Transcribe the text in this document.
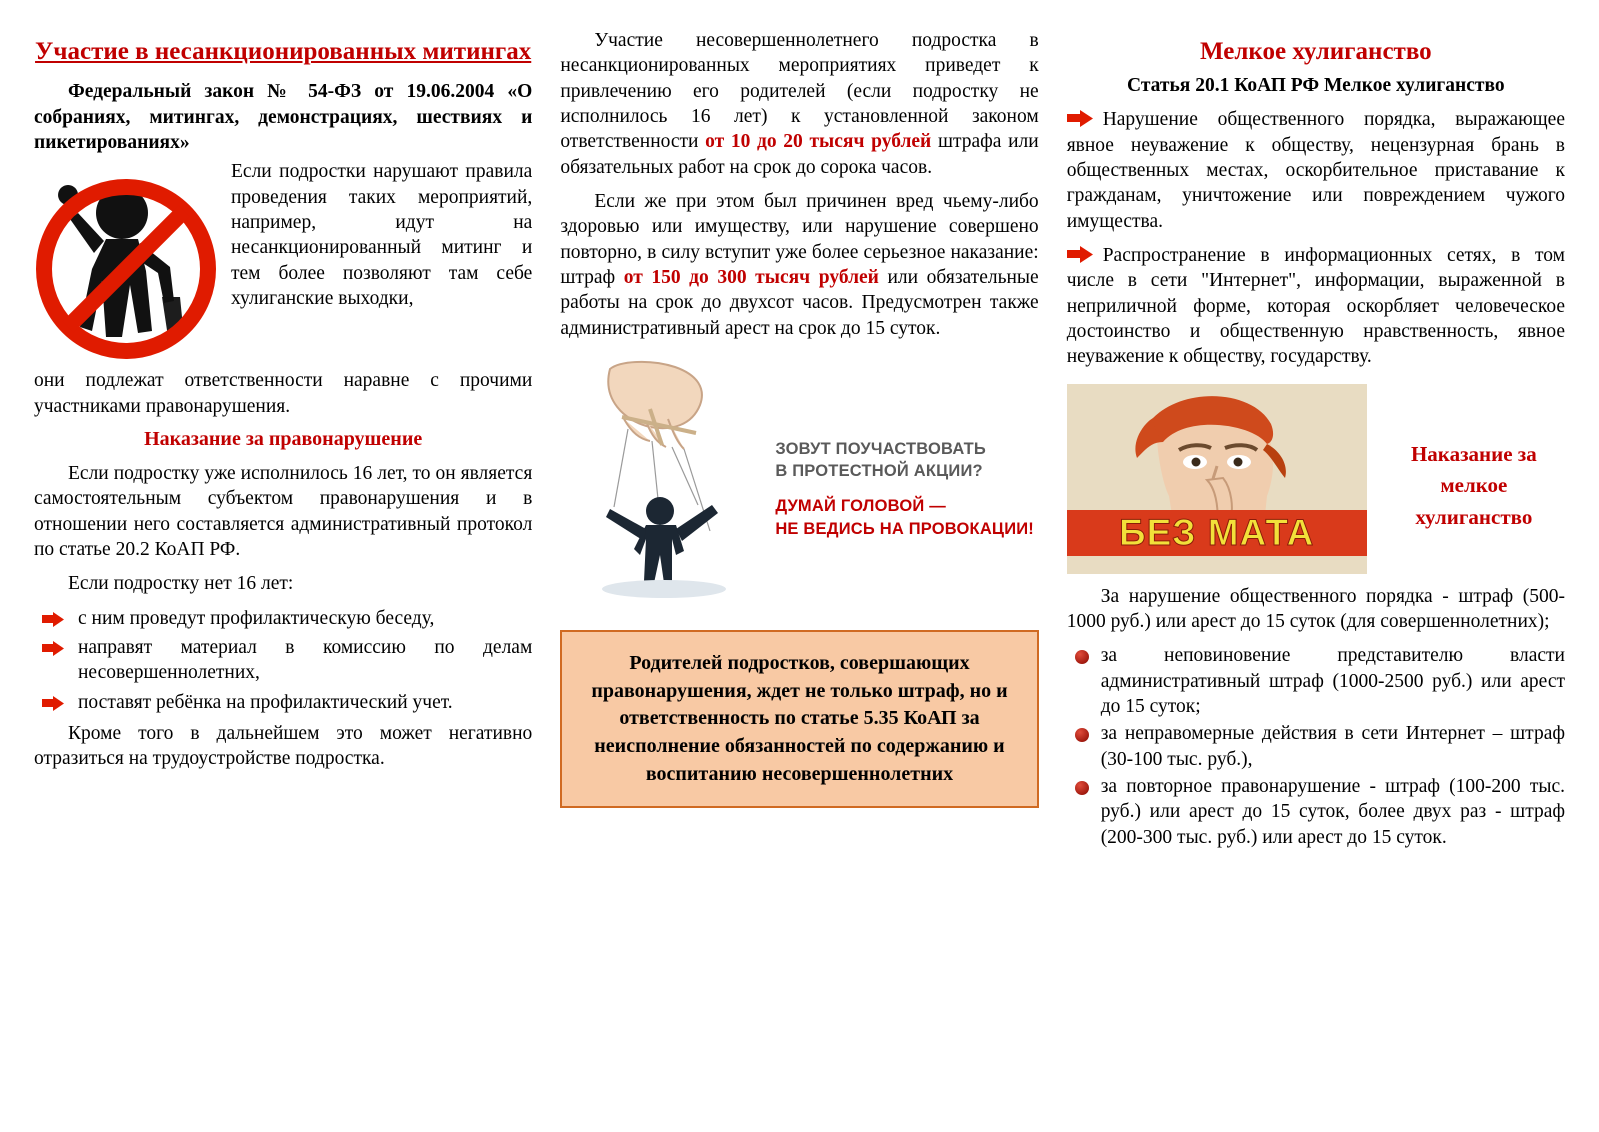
Участие в несанкционированных митингах

Федеральный закон № 54-ФЗ от 19.06.2004 «О собраниях, митингах, демонстрациях, шествиях и пикетированиях»

Если подростки нарушают правила проведения таких мероприятий, например, идут на несанкционированный митинг и тем более позволяют там себе хулиганские выходки,

они подлежат ответственности наравне с прочими участниками правонарушения.

Наказание за правонарушение

Если подростку уже исполнилось 16 лет, то он является самостоятельным субъектом правонарушения и в отношении него составляется административный протокол по статье 20.2 КоАП РФ.

Если подростку нет 16 лет:

с ним проведут профилактическую беседу,
направят материал в комиссию по делам несовершеннолетних,
поставят ребёнка на профилактический учет.

Кроме того в дальнейшем это может негативно отразиться на трудоустройстве подростка.

Участие несовершеннолетнего подростка в несанкционированных мероприятиях приведет к привлечению его родителей (если подростку не исполнилось 16 лет) к установленной законом ответственности от 10 до 20 тысяч рублей штрафа или обязательных работ на срок до сорока часов.

Если же при этом был причинен вред чьему-либо здоровью или имуществу, или нарушение совершено повторно, в силу вступит уже более серьезное наказание: штраф от 150 до 300 тысяч рублей или обязательные работы на срок до двухсот часов. Предусмотрен также административный арест на срок до 15 суток.

ЗОВУТ ПОУЧАСТВОВАТЬ
В ПРОТЕСТНОЙ АКЦИИ?
ДУМАЙ ГОЛОВОЙ —
НЕ ВЕДИСЬ НА ПРОВОКАЦИИ!

Родителей подростков, совершающих правонарушения, ждет не только штраф, но и ответственность по статье 5.35 КоАП за неисполнение обязанностей по содержанию и воспитанию несовершеннолетних

Мелкое хулиганство
Статья 20.1 КоАП РФ Мелкое хулиганство

Нарушение общественного порядка, выражающее явное неуважение к обществу, нецензурная брань в общественных местах, оскорбительное приставание к гражданам, уничтожение или повреждением чужого имущества.

Распространение в информационных сетях, в том числе в сети "Интернет", информации, выраженной в неприличной форме, которая оскорбляет человеческое достоинство и общественную нравственность, явное неуважение к обществу, государству.

БЕЗ МАТА
Наказание за мелкое хулиганство

За нарушение общественного порядка - штраф (500-1000 руб.) или арест до 15 суток (для совершеннолетних);

за неповиновение представителю власти административный штраф (1000-2500 руб.) или арест до 15 суток;
за неправомерные действия в сети Интернет – штраф (30-100 тыс. руб.),
за повторное правонарушение - штраф (100-200 тыс. руб.) или арест до 15 суток, более двух раз - штраф (200-300 тыс. руб.) или арест до 15 суток.
